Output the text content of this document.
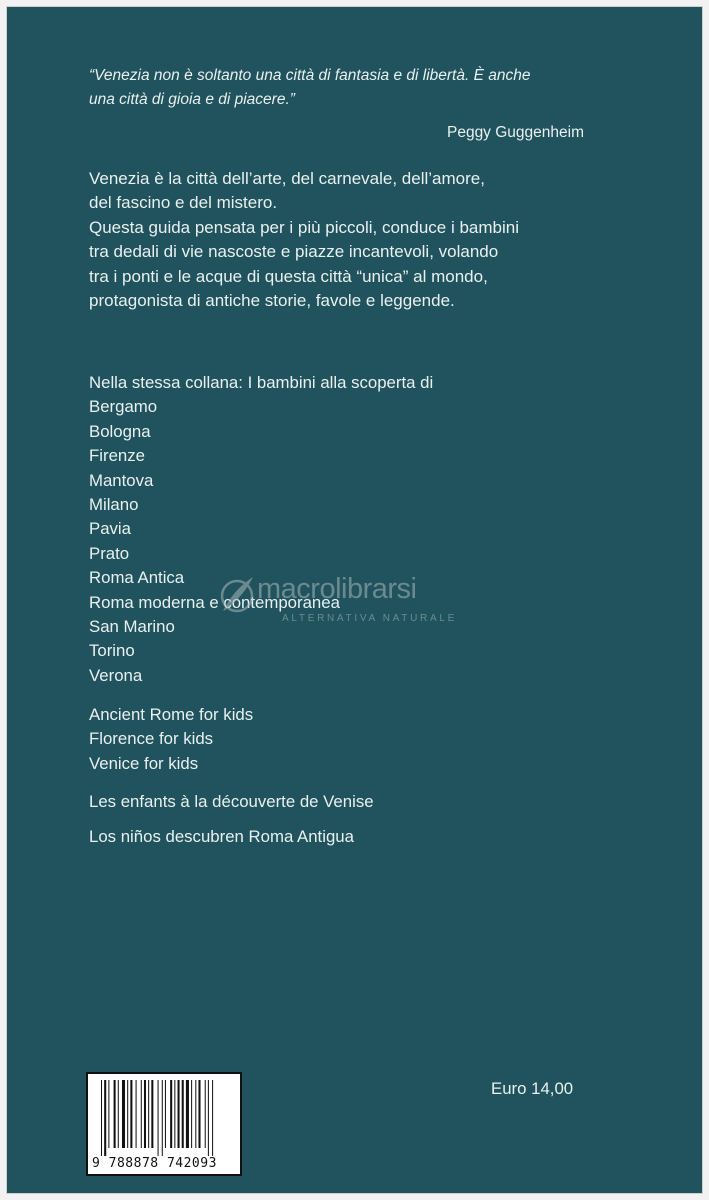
“Venezia non è soltanto una città di fantasia e di libertà. È anche
una città di gioia e di piacere.”
Peggy Guggenheim

Venezia è la città dell’arte, del carnevale, dell’amore,

del fascino e del mistero.

Questa guida pensata per i più piccoli, conduce i bambini

tra dedali di vie nascoste e piazze incantevoli, volando

tra i ponti e le acque di questa città “unica” al mondo,

protagonista di antiche storie, favole e leggende.

Nella stessa collana: I bambini alla scoperta di
Bergamo
Bologna
Firenze
Mantova
Milano
Pavia
Prato
Roma Antica
Roma moderna e contemporanea
San Marino
Torino
Verona
Ancient Rome for kids
Florence for kids
Venice for kids
Les enfants à la découverte de Venise
Los niños descubren Roma Antigua
macrolibrarsi
ALTERNATIVA NATURALE
9 788878 742093
Euro 14,00
